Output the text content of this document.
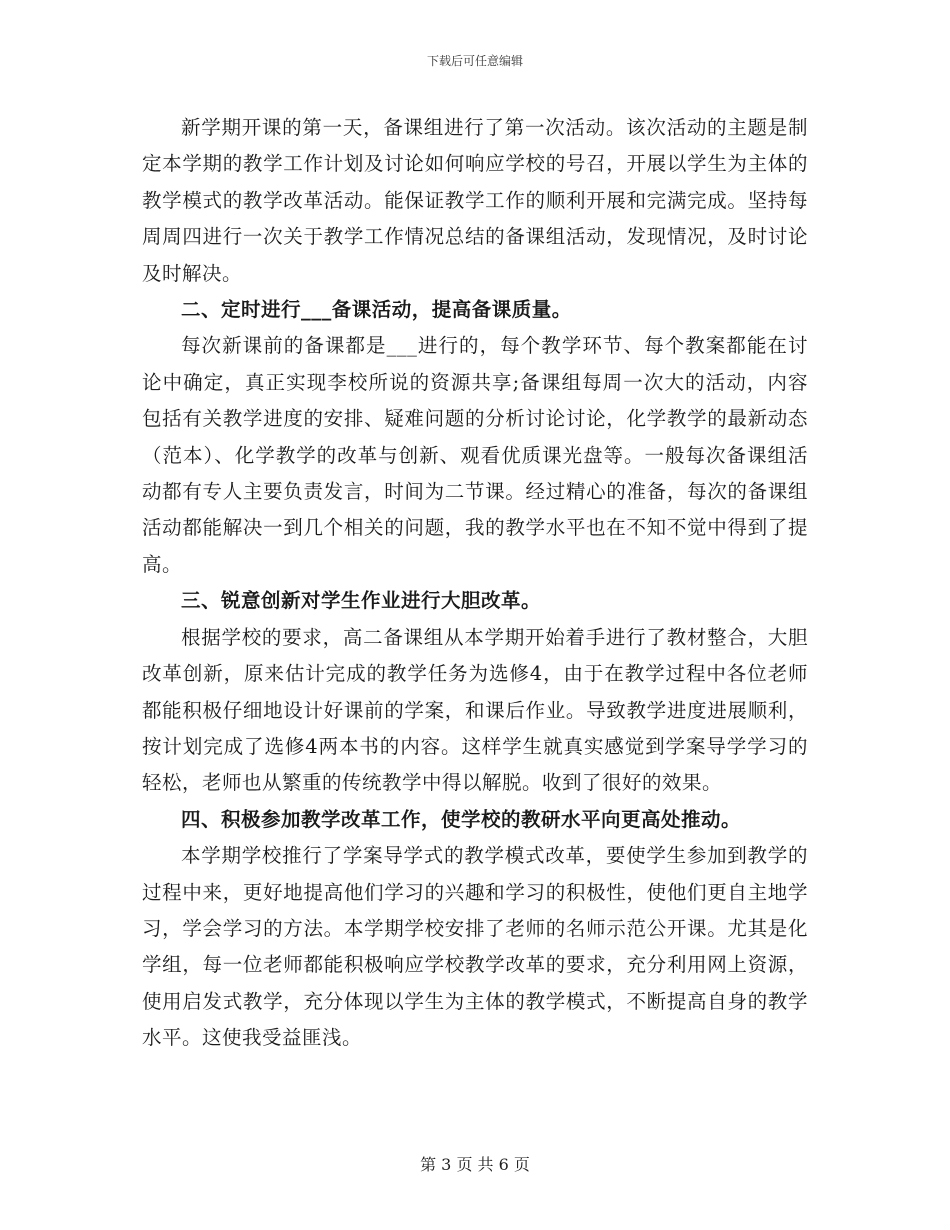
下载后可任意编辑

新学期开课的第一天，备课组进行了第一次活动。该次活动的主题是制定本学期的教学工作计划及讨论如何响应学校的号召，开展以学生为主体的教学模式的教学改革活动。能保证教学工作的顺利开展和完满完成。坚持每周周四进行一次关于教学工作情况总结的备课组活动，发现情况，及时讨论及时解决。

二、定时进行___备课活动，提高备课质量。

每次新课前的备课都是___进行的，每个教学环节、每个教案都能在讨论中确定，真正实现李校所说的资源共享;备课组每周一次大的活动，内容包括有关教学进度的安排、疑难问题的分析讨论讨论，化学教学的最新动态（范本）、化学教学的改革与创新、观看优质课光盘等。一般每次备课组活动都有专人主要负责发言，时间为二节课。经过精心的准备，每次的备课组活动都能解决一到几个相关的问题，我的教学水平也在不知不觉中得到了提高。

三、锐意创新对学生作业进行大胆改革。

根据学校的要求，高二备课组从本学期开始着手进行了教材整合，大胆改革创新，原来估计完成的教学任务为选修4，由于在教学过程中各位老师都能积极仔细地设计好课前的学案，和课后作业。导致教学进度进展顺利，按计划完成了选修4两本书的内容。这样学生就真实感觉到学案导学学习的轻松，老师也从繁重的传统教学中得以解脱。收到了很好的效果。

四、积极参加教学改革工作，使学校的教研水平向更高处推动。

本学期学校推行了学案导学式的教学模式改革，要使学生参加到教学的过程中来，更好地提高他们学习的兴趣和学习的积极性，使他们更自主地学习，学会学习的方法。本学期学校安排了老师的名师示范公开课。尤其是化学组，每一位老师都能积极响应学校教学改革的要求，充分利用网上资源，使用启发式教学，充分体现以学生为主体的教学模式，不断提高自身的教学水平。这使我受益匪浅。

第 3 页 共 6 页
